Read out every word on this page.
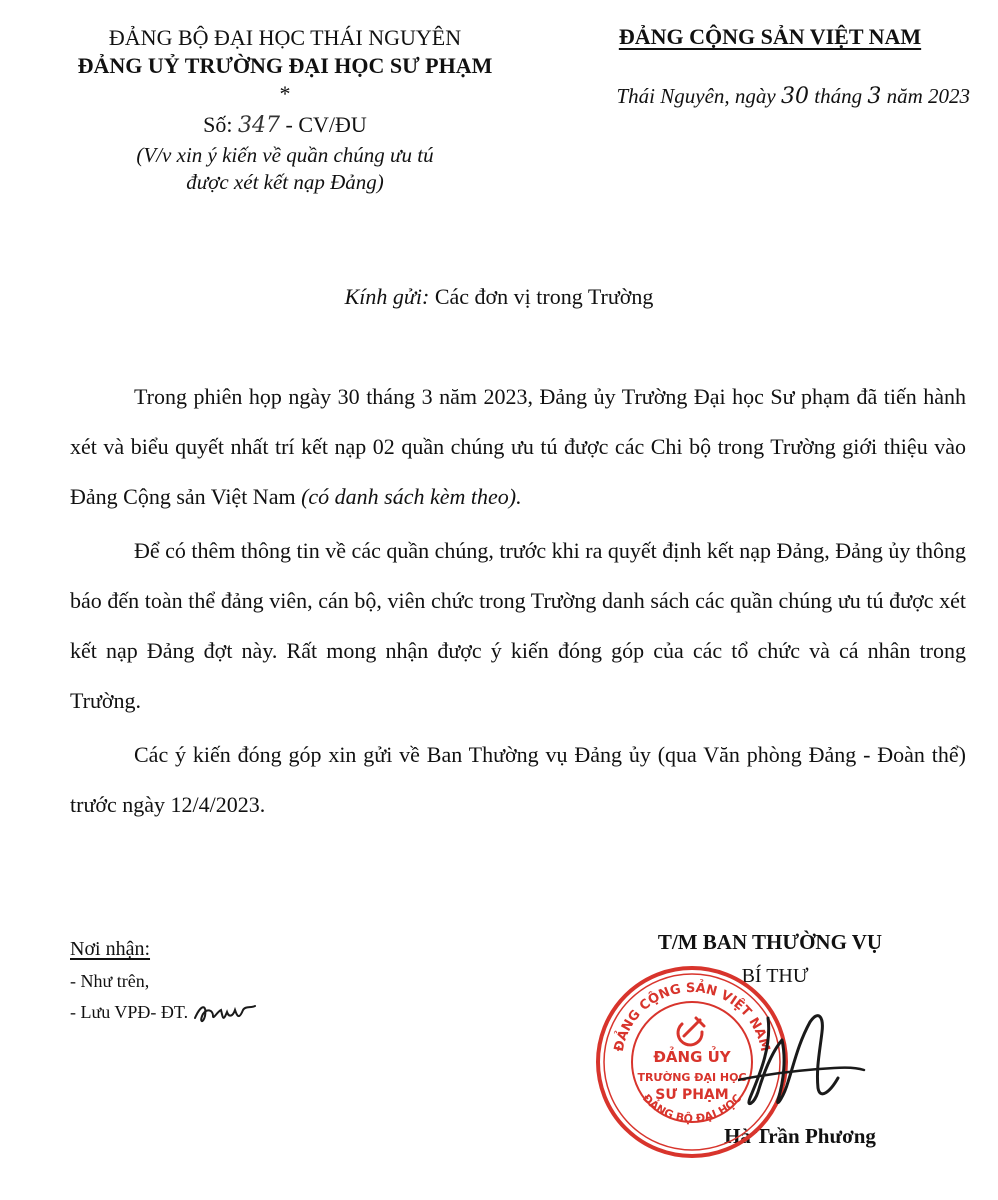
ĐẢNG BỘ ĐẠI HỌC THÁI NGUYÊN
ĐẢNG UỶ TRƯỜNG ĐẠI HỌC SƯ PHẠM
*
Số: 347 - CV/ĐU
(V/v xin ý kiến về quần chúng ưu tú
được xét kết nạp Đảng)
ĐẢNG CỘNG SẢN VIỆT NAM
Thái Nguyên, ngày 30 tháng 3 năm 2023
Kính gửi: Các đơn vị trong Trường

Trong phiên họp ngày 30 tháng 3 năm 2023, Đảng ủy Trường Đại học Sư phạm đã tiến hành xét và biểu quyết nhất trí kết nạp 02 quần chúng ưu tú được các Chi bộ trong Trường giới thiệu vào Đảng Cộng sản Việt Nam (có danh sách kèm theo).

Để có thêm thông tin về các quần chúng, trước khi ra quyết định kết nạp Đảng, Đảng ủy thông báo đến toàn thể đảng viên, cán bộ, viên chức trong Trường danh sách các quần chúng ưu tú được xét kết nạp Đảng đợt này. Rất mong nhận được ý kiến đóng góp của các tổ chức và cá nhân trong Trường.

Các ý kiến đóng góp xin gửi về Ban Thường vụ Đảng ủy (qua Văn phòng Đảng - Đoàn thể) trước ngày 12/4/2023.

Nơi nhận:
- Như trên,
- Lưu VPĐ- ĐT.
T/M BAN THƯỜNG VỤ
BÍ THƯ
Hà Trần Phương
ĐẢNG CỘNG SẢN VIỆT NAM
ĐẢNG BỘ ĐẠI HỌC
ĐẢNG ỦY
TRƯỜNG ĐẠI HỌC
SƯ PHẠM
